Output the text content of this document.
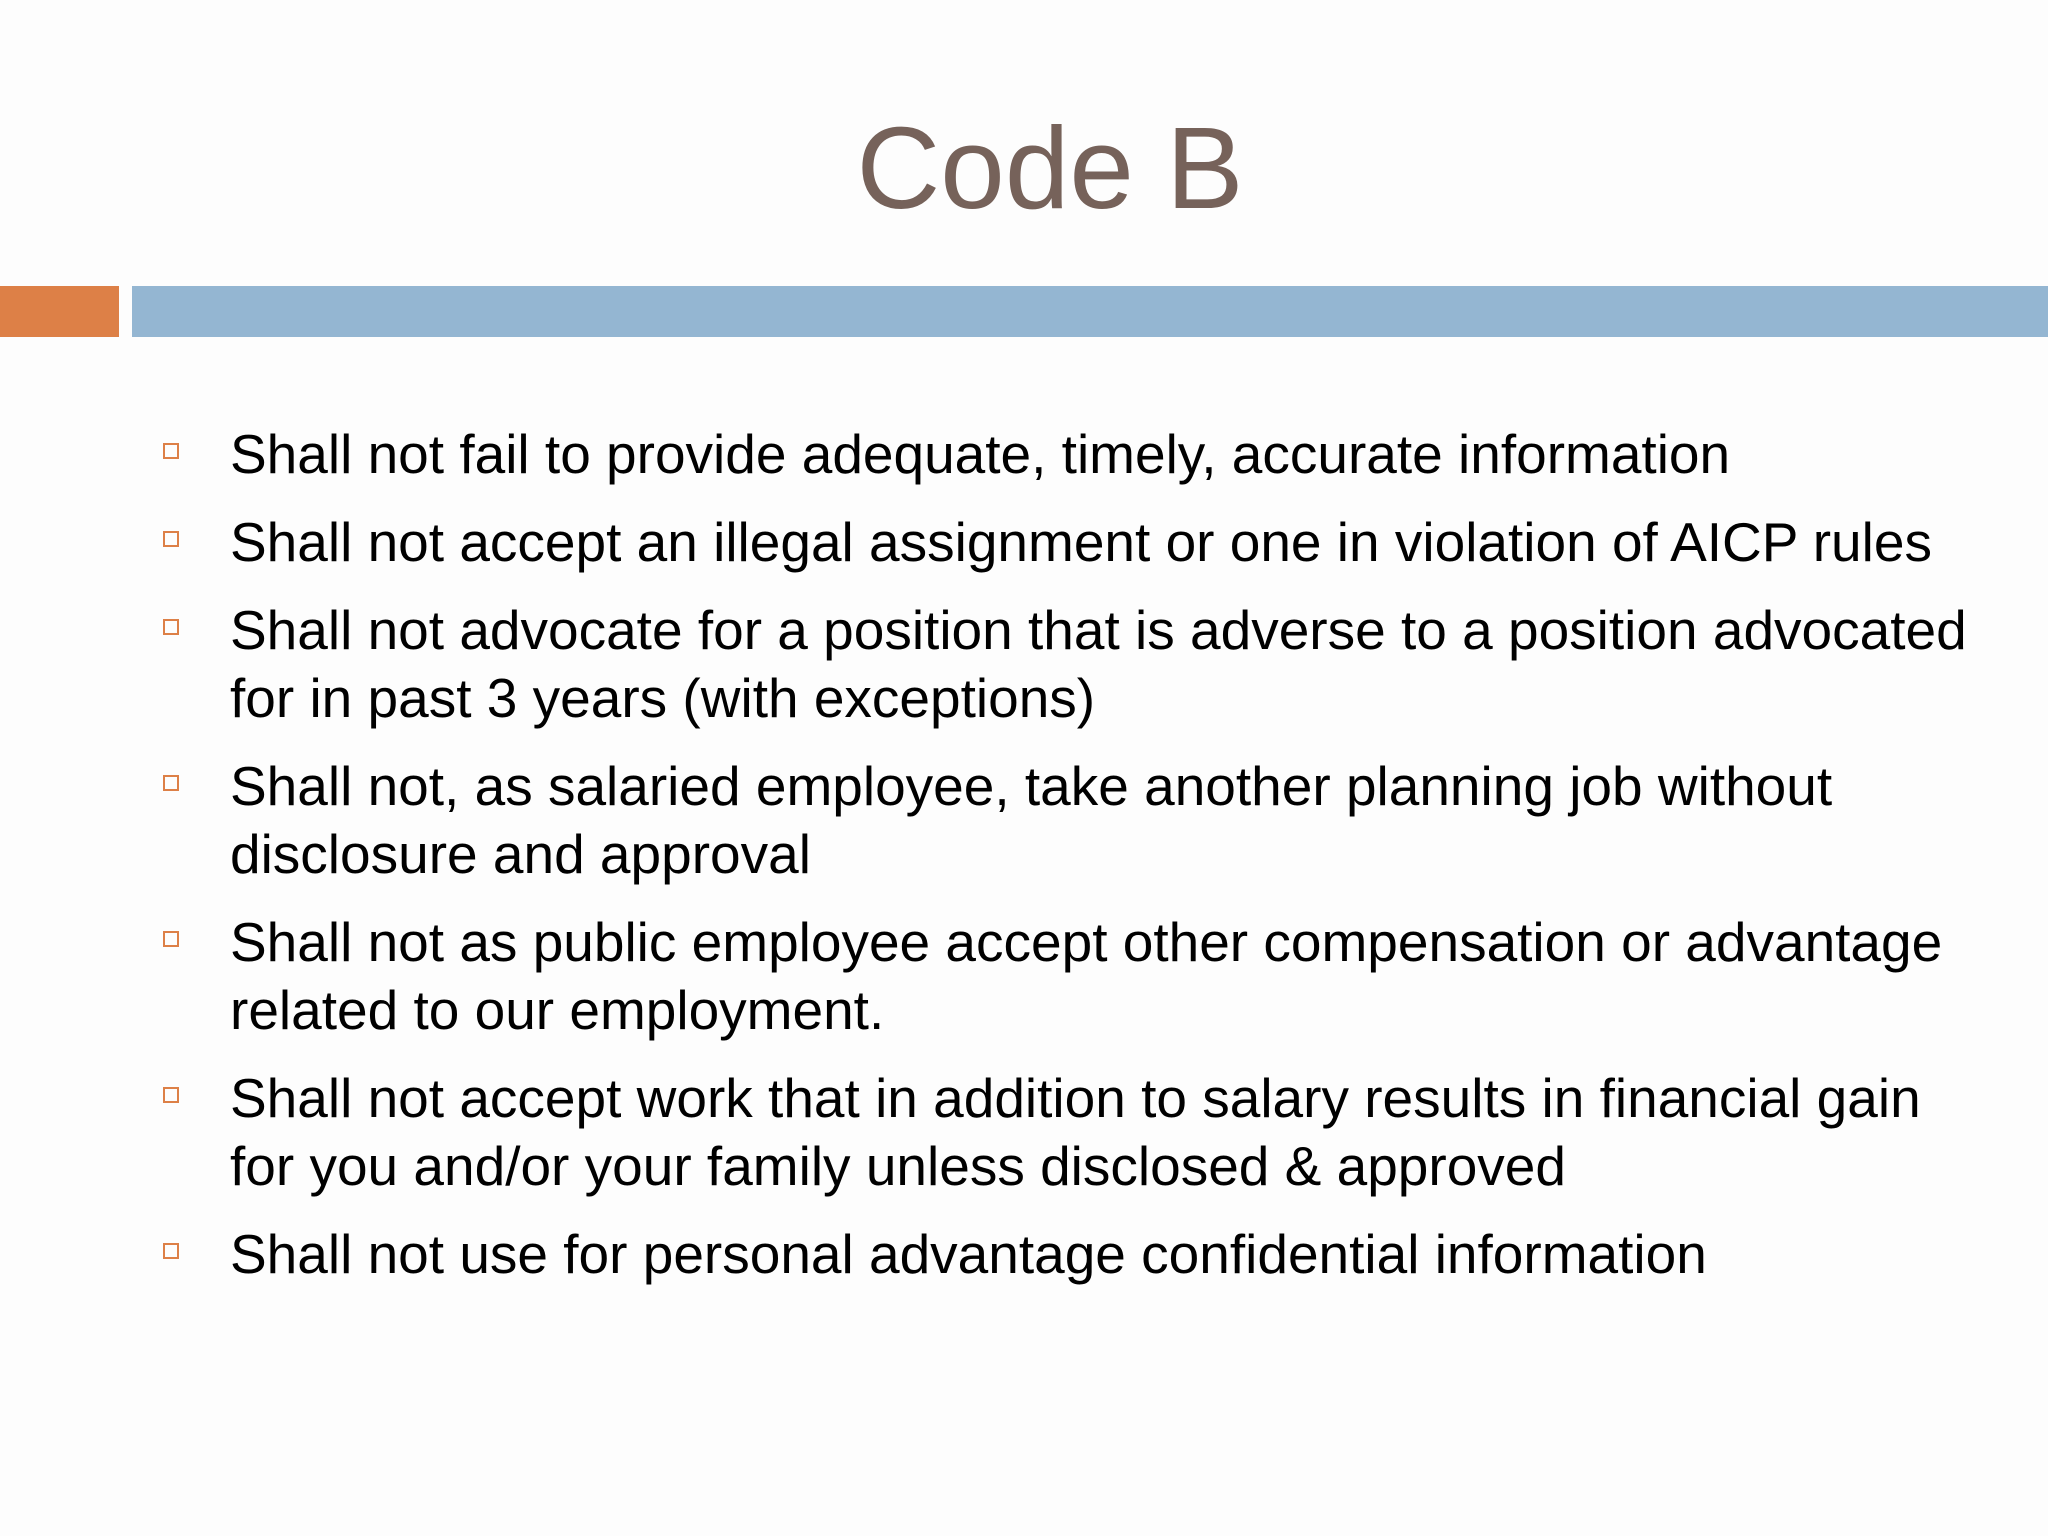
Code B
Shall not fail to provide adequate, timely, accurate information
Shall not accept an illegal assignment or one in violation of AICP rules
Shall not advocate for a position that is adverse to a position advocated for in past 3 years (with exceptions)
Shall not, as salaried employee, take another planning job without disclosure and approval
Shall not as public employee accept other compensation or advantage related to our employment.
Shall not accept work that in addition to salary results in financial gain for you and/or your family unless disclosed & approved
Shall not use for personal advantage confidential information
